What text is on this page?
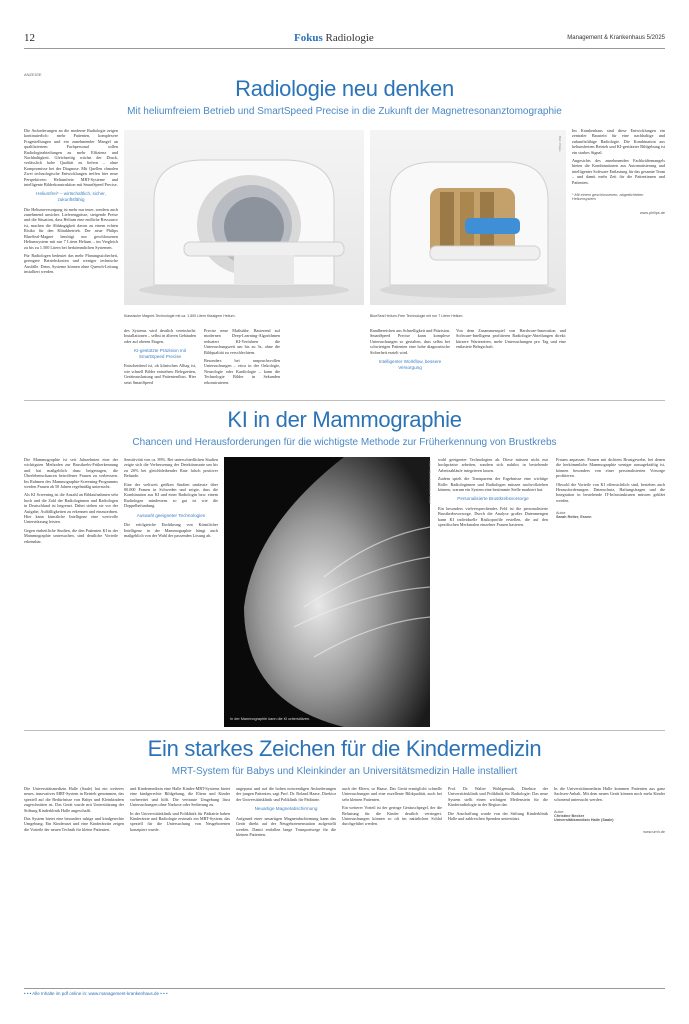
12	Fokus Radiologie	Management & Krankenhaus 5/2025
ANZEIGE
Radiologie neu denken
Mit heliumfreiem Betrieb und SmartSpeed Precise in die Zukunft der Magnetresonanztomographie
Die Anforderungen an die moderne Radiologie zeigen kontinuierlich: mehr Patienten, komplexere Fragestellungen und ein zunehmender Mangel an qualifiziertem Fachpersonal sollen Radiologieabteilungen zu mehr Effizienz und Nachhaltigkeit. Gleichzeitig wächst der Druck, verlässlich hohe Qualität zu liefern – ohne Kompromisse bei der Diagnose. Mit Quellen chmalen Zwei technologische Entwicklungen treffen hier neue Perspektiven: Heliumfreie MRT-Systeme und intelligente Bildrekonstruktion mit SmartSpeed Precise.
Heliumfrei* – wirtschaftlich, sicher, zukunftsfähig
Die Heliumversorgung ist mehr nur teuer, sondern auch zunehmend unsicher. Lieferengpässe, steigende Preise und die Situation, dass Helium eine endliche Ressource ist, machen die Abhängigkeit davon zu einem echten Risiko für den Klinikbetrieb. Der neue Philips BlueSeal-Magnet benötigt nur geschlossenen Heliumsystem mit nur 7 Litern Helium – im Vergleich zu bis zu 1.500 Litern bei herkömmlichen Systemen.
Für Radiologen bedeutet das mehr Planungssicherheit, geringere Betriebskosten und weniger technische Ausfälle. Denn, Systeme können ohne Quench-Leitung installiert werden.
Klassische Magnet-Technologie mit ca. 1.500 Litern flüssigem Helium.	BlueSeal Helium-Free Technologie mit nur 7 Litern Helium.
Bild: Philips
des Systems wird deutlich vereinfacht: Installationen – selbst in älteren Gebäuden oder auf oberen Etagen.
KI-gestützte Präzision mit SmartSpeed Precise
Entscheidend ist, ob klinischen Alltag ist, wie schnell Bilder entstehen: Belegzeiten, Geräteauslastung und Patientenfluss. Hier setzt SmartSpeed
Precise neue Maßstäbe. Basierend auf modernen Deep-Learning-Algorithmen reduziert KI-Verfahren die Untersuchungszeit um bis zu 3x, ohne die Bildqualität zu verschlechtern.
Besonders bei anspruchsvollen Untersuchungen – etwa in der Onkologie, Neurologie oder Kardiologie – kann die Technologie Bilder in Sekunden rekonstruieren.
Randbereichen aus Schnelligkeit und Präzision. SmartSpeed Precise kann komplexe Untersuchungen so gestalten, dass selbst bei schwierigen Patienten eine hohe diagnostische Sicherheit erzielt wird.
Intelligenter Workflow, bessere Versorgung
Von dem Zusammenspiel von Hardware-Innovation und Software-Intelligenz profitieren Radiologie-Abteilungen direkt: kürzere Wartezeiten, mehr Untersuchungen pro Tag und eine entlastete Belegschaft.
Im Krankenhaus sind diese Entwicklungen ein zentraler Baustein für eine nachhaltige und zukunftsfähige Radiologie. Die Kombination aus heliumfreiem Betrieb und KI-gestützter Bildgebung ist ein starkes Signal.
Angesichts des zunehmenden Fachkräftemangels bieten die Kombinationen aus Automatisierung und intelligenter Software Entlastung für das gesamte Team – und damit mehr Zeit für die Patientinnen und Patienten.
* Mit einem geschlossenen, abgedichteten Heliumsystem
www.philips.de
KI in der Mammographie
Chancen und Herausforderungen für die wichtigste Methode zur Früherkennung von Brustkrebs
Die Mammographie ist seit Jahrzehnten eine der wichtigsten Methoden zur Brustkrebs-Früherkennung und hat maßgeblich dazu beigetragen, die Überlebenschancen betroffener Frauen zu verbessern. Im Rahmen des Mammographie-Screening-Programms werden Frauen ab 50 Jahren regelmäßig untersucht.
Als KI Screening ist die Anzahl an Bildaufnahmen sehr hoch und die Zahl der Radiologinnen und Radiologen in Deutschland ist begrenzt. Dabei stehen sie vor der Aufgabe, Auffälligkeiten zu erkennen und einzuordnen. Hier kann künstliche Intelligenz eine wertvolle Unterstützung leisten.
Gegen einheitliche Studien, die den Patienten KI in der Mammographie untersuchen, sind deutliche Vorteile erkennbar.
Sensitivität von ca. 89%. Bei unterschiedlichen Studien zeigte sich die Verbesserung der Detektionsrate um bis zu 20% bei gleichbleibender Rate falsch positiver Befunde.
Eine der weltweit größten Studien umfasste über 80.000 Frauen in Schweden und zeigte, dass die Kombination aus KI und einer Radiologin bzw. einem Radiologen mindestens so gut ist wie die Doppelbefundung.
Auswahl geeigneter Technologien
Die erfolgreiche Einführung von Künstlicher Intelligenz in der Mammographie hängt auch maßgeblich von der Wahl der passenden Lösung ab.
In der Mammographie kann die KI unterstützen.
Foto: Universitätsklinikum Essen
wohl geeigneter Technologien ab. Diese müssen nicht nur hochpräzise arbeiten, sondern sich nahtlos in bestehende Arbeitsabläufe integrieren lassen.
Zudem spielt die Transparenz der Ergebnisse eine wichtige Rolle: Radiologinnen und Radiologen müssen nachvollziehen können, warum ein System eine bestimmte Stelle markiert hat.
Personalisierte Brustkrebsvorsorge
Ein besonders vielversprechendes Feld ist die personalisierte Brustkrebsvorsorge. Durch die Analyse großer Datenmengen kann KI individuelle Risikoprofile erstellen, die auf den spezifischen Merkmalen einzelner Frauen basieren.
Frauen anpassen. Frauen mit dichtem Brustgewebe, bei denen die herkömmliche Mammographie weniger aussagekräftig ist, können besonders von einer personalisierten Vorsorge profitieren.
Obwohl die Vorteile von KI offensichtlich sind, bestehen auch Herausforderungen. Datenschutz, Haftungsfragen und die Integration in bestehende IT-Infrastrukturen müssen geklärt werden.
Autor:
Sarah Reiter, Essen
Ein starkes Zeichen für die Kindermedizin
MRT-System für Babys und Kleinkinder an Universitätsmedizin Halle installiert
Die Universitätsmedizin Halle (Saale) hat ein weiteres neues, innovatives MRT-System in Betrieb genommen, das speziell auf die Bedürfnisse von Babys und Kleinkindern zugeschnitten ist. Das Gerät wurde mit Unterstützung der Stiftung Kinderklinik Halle angeschafft.
Das System bietet eine besonders ruhige und kindgerechte Umgebung. Ein Kinderarzt und eine Kinderärztin zeigen die Vorteile der neuen Technik für kleine Patienten.
und Kindermedizin eine Halle Kinder-MRT-Systems bietet eine kindgerechte Bildgebung, die Eltern und Kinder vorbereitet und hilft. Die vertraute Umgebung lässt Untersuchungen ohne Narkose oder Sedierung zu.
In der Universitätsklinik und Poliklinik für Pädiatrie haben Kinderärzte und Radiologie erstmals ein MRT-System, das speziell für die Untersuchung von Neugeborenen konzipiert wurde.
angepasst und auf die hohen notwendigen Anforderungen der jungen Patienten, sagt Prof. Dr. Roland Haase, Direktor der Universitätsklinik und Poliklinik für Pädiatrie.
Neuartige Magnetabschirmung
Aufgrund einer neuartigen Magnetabschirmung kann das Gerät direkt auf der Neugeborenenstation aufgestellt werden. Damit entfallen lange Transportwege für die kleinen Patienten.
auch der Eltern, so Haase. Das Gerät ermöglicht schnelle Untersuchungen und eine exzellente Bildqualität, auch bei sehr kleinen Patienten.
Ein weiterer Vorteil ist der geringe Geräuschpegel, der die Belastung für die Kinder deutlich verringert. Untersuchungen können so oft im natürlichen Schlaf durchgeführt werden.
Prof. Dr. Walter Wohlgemuth, Direktor der Universitätsklinik und Poliklinik für Radiologie: Das neue System stellt einen wichtigen Meilenstein für die Kinderradiologie in der Region dar.
Die Anschaffung wurde von der Stiftung Kinderklinik Halle und zahlreichen Spenden unterstützt.
In die Universitätsmedizin Halle kommen Patienten aus ganz Sachsen-Anhalt. Mit dem neuen Gerät können noch mehr Kinder schonend untersucht werden.
Autor:
Christine Becker
Universitätsmedizin Halle (Saale)
www.umh.de
• • • Alle Inhalte im pdf online in: www.management-krankenhaus.de • • •
